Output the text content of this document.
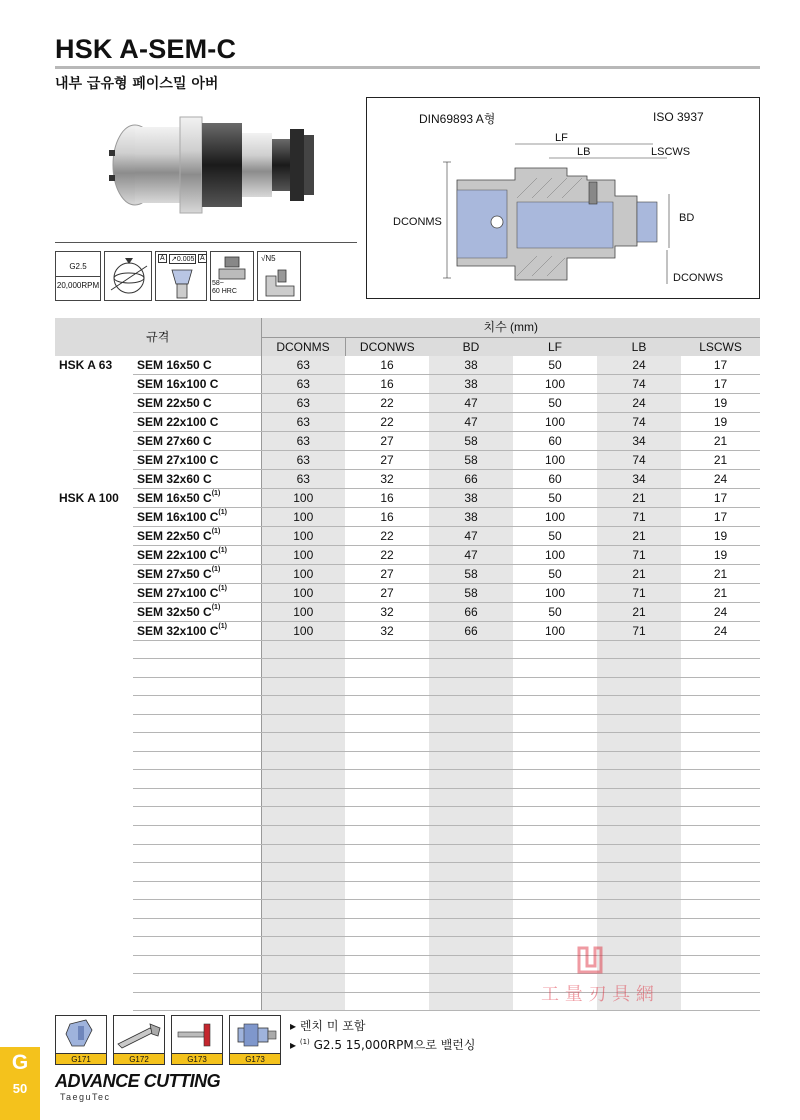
HSK A-SEM-C
내부 급유형 페이스밀 아버
G2.5
20,000RPM
A ↗0.005 A
58~
60 HRC
√N5
DIN69893 A형	ISO 3937
LF
LB	LSCWS
DCONMS	BD
DCONWS
규격		치수 (mm)					
		DCONMS	DCONWS	BD	LF	LB	LSCWS
HSK A 63	SEM 16x50 C	63	16	38	50	24	17
	SEM 16x100 C	63	16	38	100	74	17
	SEM 22x50 C	63	22	47	50	24	19
	SEM 22x100 C	63	22	47	100	74	19
	SEM 27x60 C	63	27	58	60	34	21
	SEM 27x100 C	63	27	58	100	74	21
	SEM 32x60 C	63	32	66	60	34	24
HSK A 100	SEM 16x50 $C^{(1)}$	100	16	38	50	21	17
	SEM 16x100 $C^{(1)}$	100	16	38	100	71	17
	SEM 22x50 $C^{(1)}$	100	22	47	50	21	19
	SEM 22x100 $C^{(1)}$	100	22	47	100	71	19
	SEM 27x50 $C^{(1)}$	100	27	58	50	21	21
	SEM 27x100 $C^{(1)}$	100	27	58	100	71	21
	SEM 32x50 $C^{(1)}$	100	32	66	50	21	24
	SEM 32x100 $C^{(1)}$	100	32	66	100	71	24

G171	G172	G173	G173
▸ 렌치 미 포함
▸ $^{(1)}$ G2.5 15,000RPM으로 밸런싱
工 量 刃 具 網
G
50	ADVANCE CUTTING
TaeguTec
